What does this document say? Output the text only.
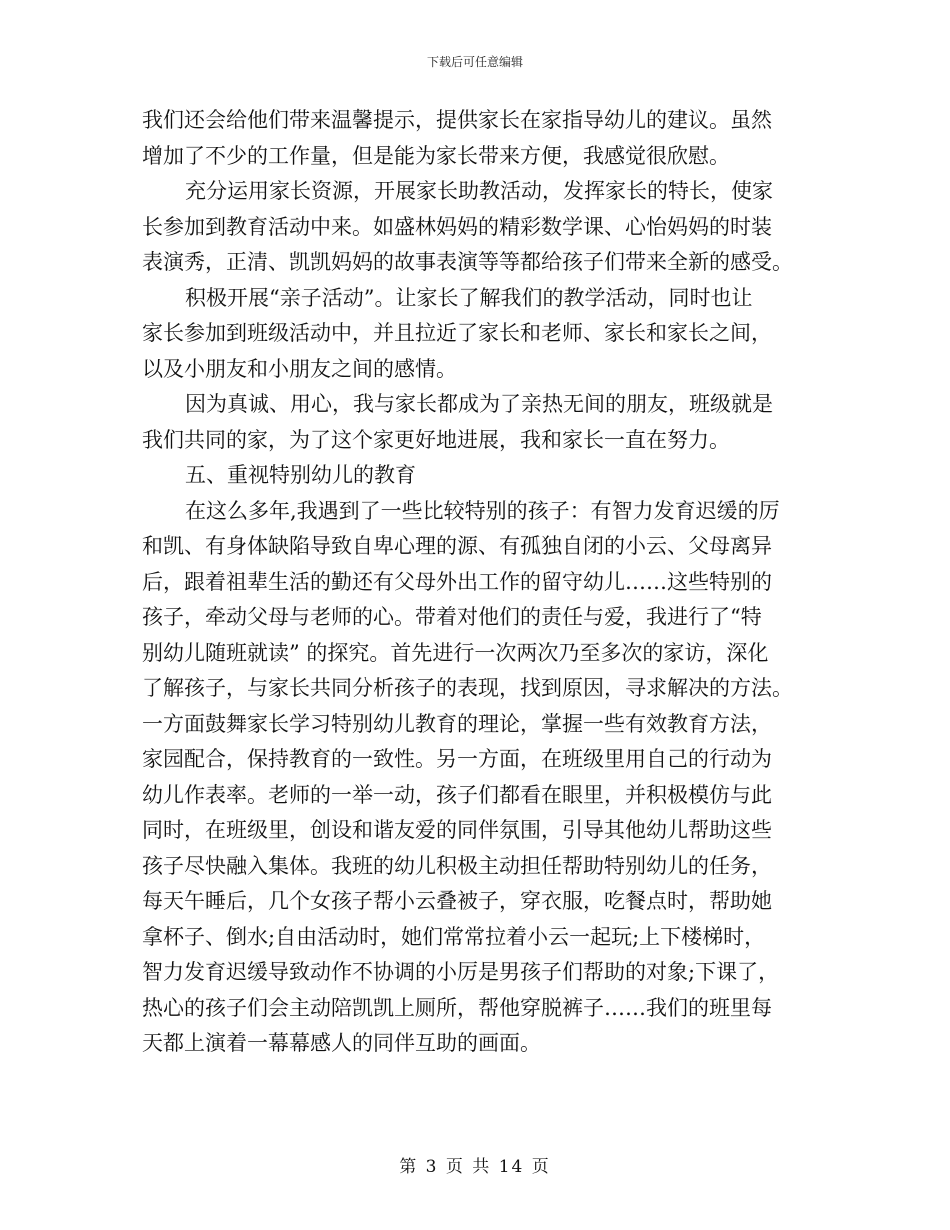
下载后可任意编辑
我们还会给他们带来温馨提示，提供家长在家指导幼儿的建议。虽然
增加了不少的工作量，但是能为家长带来方便，我感觉很欣慰。
充分运用家长资源，开展家长助教活动，发挥家长的特长，使家
长参加到教育活动中来。如盛林妈妈的精彩数学课、心怡妈妈的时装
表演秀，正清、凯凯妈妈的故事表演等等都给孩子们带来全新的感受。
积极开展“亲子活动”。让家长了解我们的教学活动，同时也让
家长参加到班级活动中，并且拉近了家长和老师、家长和家长之间，
以及小朋友和小朋友之间的感情。
因为真诚、用心，我与家长都成为了亲热无间的朋友，班级就是
我们共同的家，为了这个家更好地进展，我和家长一直在努力。
五、重视特别幼儿的教育
在这么多年,我遇到了一些比较特别的孩子：有智力发育迟缓的厉
和凯、有身体缺陷导致自卑心理的源、有孤独自闭的小云、父母离异
后，跟着祖辈生活的勤还有父母外出工作的留守幼儿……这些特别的
孩子，牵动父母与老师的心。带着对他们的责任与爱，我进行了“特
别幼儿随班就读” 的探究。首先进行一次两次乃至多次的家访，深化
了解孩子，与家长共同分析孩子的表现，找到原因，寻求解决的方法。
一方面鼓舞家长学习特别幼儿教育的理论，掌握一些有效教育方法，
家园配合，保持教育的一致性。另一方面，在班级里用自己的行动为
幼儿作表率。老师的一举一动，孩子们都看在眼里，并积极模仿与此
同时，在班级里，创设和谐友爱的同伴氛围，引导其他幼儿帮助这些
孩子尽快融入集体。我班的幼儿积极主动担任帮助特别幼儿的任务，
每天午睡后，几个女孩子帮小云叠被子，穿衣服，吃餐点时，帮助她
拿杯子、倒水;自由活动时，她们常常拉着小云一起玩;上下楼梯时，
智力发育迟缓导致动作不协调的小厉是男孩子们帮助的对象;下课了，
热心的孩子们会主动陪凯凯上厕所，帮他穿脱裤子……我们的班里每
天都上演着一幕幕感人的同伴互助的画面。
第 3 页 共 14 页
